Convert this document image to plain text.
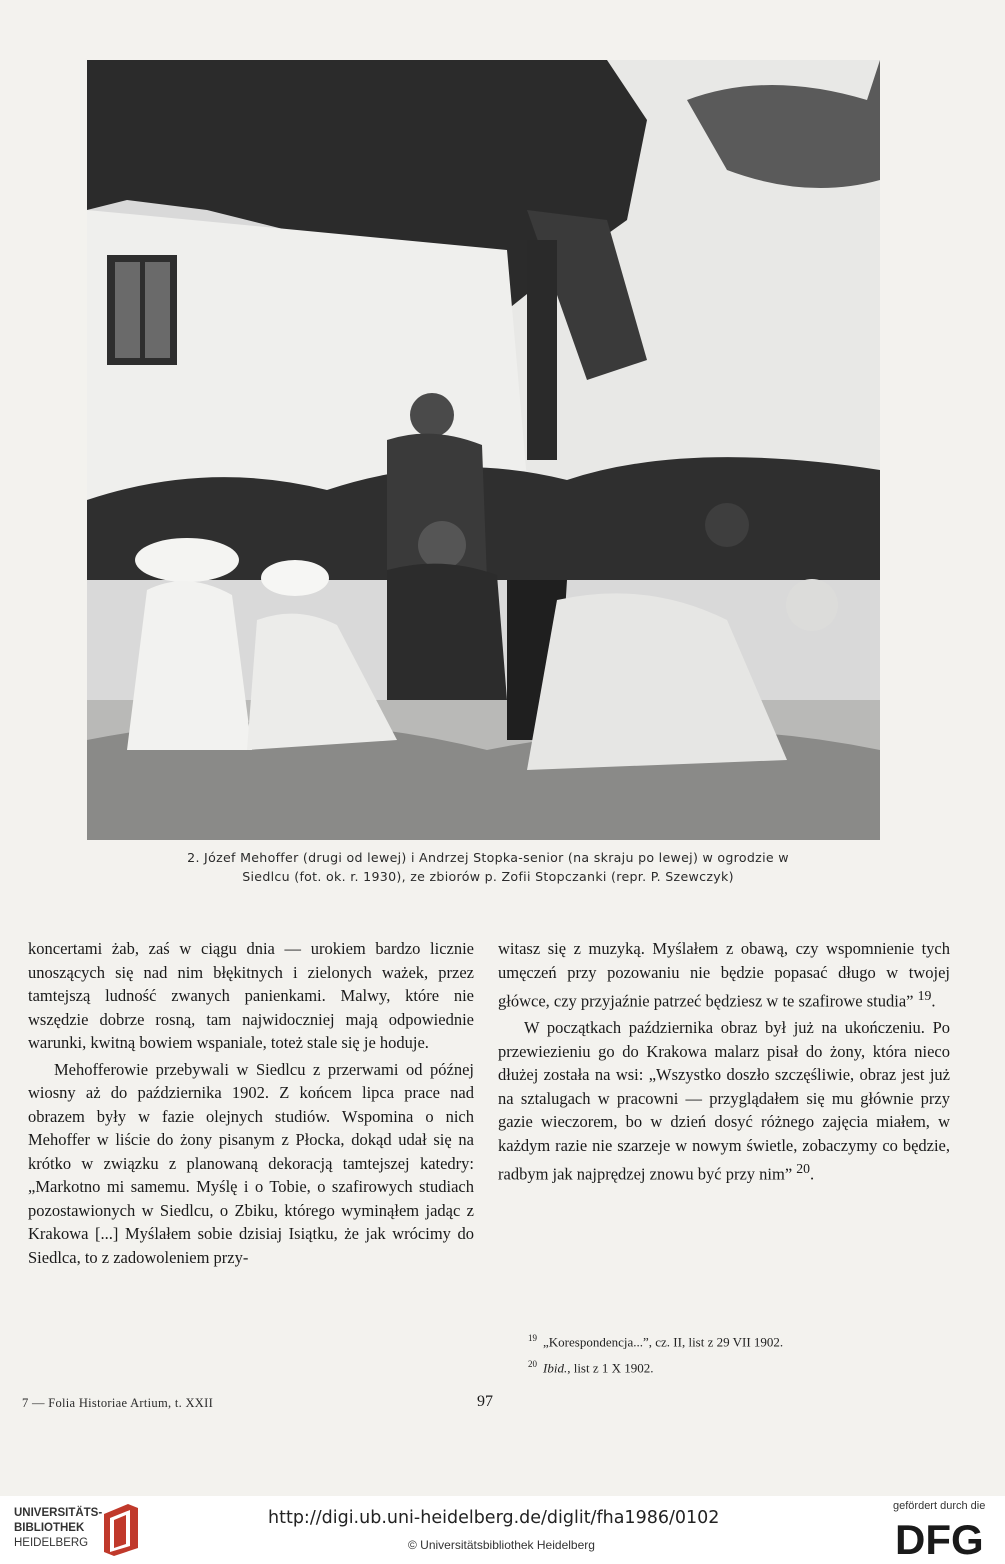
2. Józef Mehoffer (drugi od lewej) i Andrzej Stopka-senior (na skraju po lewej) w ogrodzie w
Siedlcu (fot. ok. r. 1930), ze zbiorów p. Zofii Stopczanki (repr. P. Szewczyk)

koncertami żab, zaś w ciągu dnia — urokiem bardzo licznie unoszących się nad nim błękitnych i zielonych ważek, przez tamtejszą ludność zwanych panienkami. Malwy, które nie wszędzie dobrze rosną, tam najwidoczniej mają odpowiednie warunki, kwitną bowiem wspaniale, toteż stale się je hoduje.

Mehofferowie przebywali w Siedlcu z przerwami od późnej wiosny aż do października 1902. Z końcem lipca prace nad obrazem były w fazie olejnych studiów. Wspomina o nich Mehoffer w liście do żony pisanym z Płocka, dokąd udał się na krótko w związku z planowaną dekoracją tamtejszej katedry: „Markotno mi samemu. Myślę i o Tobie, o szafirowych studiach pozostawionych w Siedlcu, o Zbiku, którego wyminąłem jadąc z Krakowa [...] Myślałem sobie dzisiaj Isiątku, że jak wrócimy do Siedlca, to z zadowoleniem przy-

witasz się z muzyką. Myślałem z obawą, czy wspomnienie tych umęczeń przy pozowaniu nie będzie popasać długo w twojej główce, czy przyjaźnie patrzeć będziesz w te szafirowe studia” $^{19}$.

W początkach października obraz był już na ukończeniu. Po przewiezieniu go do Krakowa malarz pisał do żony, która nieco dłużej została na wsi: „Wszystko doszło szczęśliwie, obraz jest już na sztalugach w pracowni — przyglądałem się mu głównie przy gazie wieczorem, bo w dzień dosyć różnego zajęcia miałem, w każdym razie nie szarzeje w nowym świetle, zobaczymy co będzie, radbym jak najprędzej znowu być przy nim” $^{20}$.

$^{19}$ „Korespondencja...”, cz. II, list z 29 VII 1902.
$^{20}$ Ibid., list z 1 X 1902.
7 — Folia Historiae Artium, t. XXII	97
UNIVERSITÄTS-
BIBLIOTHEK
HEIDELBERG
http://digi.ub.uni-heidelberg.de/diglit/fha1986/0102
© Universitätsbibliothek Heidelberg
gefördert durch die
DFG
